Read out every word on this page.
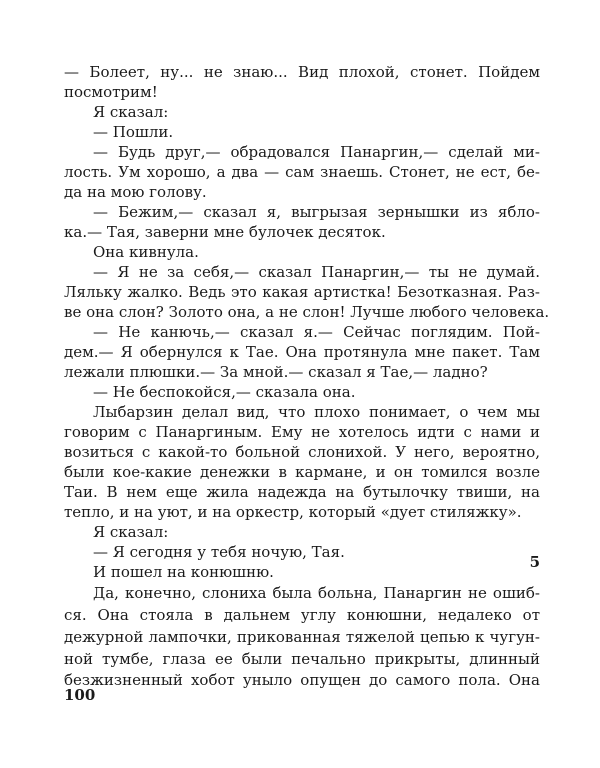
— Болеет, ну... не знаю... Вид плохой, стонет. Пойдем
посмотрим!
Я сказал:
— Пошли.
— Будь друг,— обрадовался Панаргин,— сделай ми-
лость. Ум хорошо, а два — сам знаешь. Стонет, не ест, бе-
да на мою голову.
— Бежим,— сказал я, выгрызая зернышки из ябло-
ка.— Тая, заверни мне булочек десяток.
Она кивнула.
— Я не за себя,— сказал Панаргин,— ты не думай.
Ляльку жалко. Ведь это какая артистка! Безотказная. Раз-
ве она слон? Золото она, а не слон! Лучше любого человека.
— Не канючь,— сказал я.— Сейчас поглядим. Пой-
дем.— Я обернулся к Тае. Она протянула мне пакет. Там
лежали плюшки.— За мной.— сказал я Тае,— ладно?
— Не беспокойся,— сказала она.
Лыбарзин делал вид, что плохо понимает, о чем мы
говорим с Панаргиным. Ему не хотелось идти с нами и
возиться с какой-то больной слонихой. У него, вероятно,
были кое-какие денежки в кармане, и он томился возле
Таи. В нем еще жила надежда на бутылочку твиши, на
тепло, и на уют, и на оркестр, который «дует стиляжку».
Я сказал:
— Я сегодня у тебя ночую, Тая.
И пошел на конюшню.
5
Да, конечно, слониха была больна, Панаргин не ошиб-
ся. Она стояла в дальнем углу конюшни, недалеко от
дежурной лампочки, прикованная тяжелой цепью к чугун-
ной тумбе, глаза ее были печально прикрыты, длинный
безжизненный хобот уныло опущен до самого пола. Она
100
